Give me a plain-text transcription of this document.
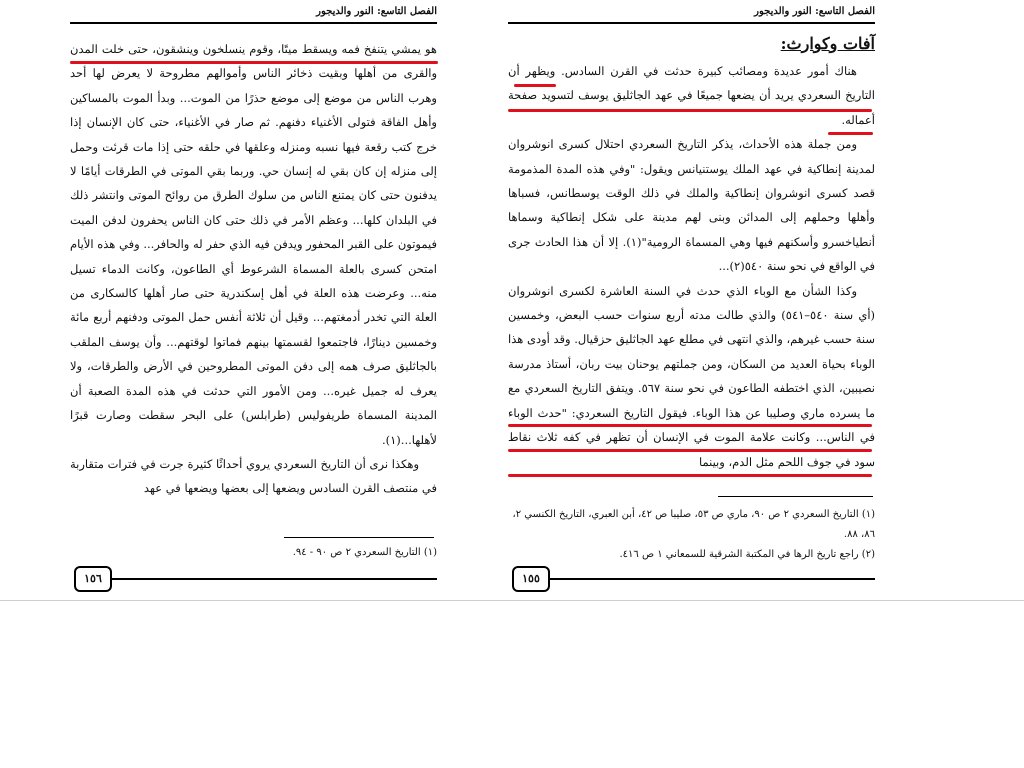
الفصل التاسع: النور والديجور

هو يمشي يتنفخ فمه ويسقط ميتًا، وقوم ينسلخون وينشقون، حتى خلت المدن والقرى من أهلها وبقيت ذخائر الناس وأموالهم مطروحة لا يعرض لها أحد وهرب الناس من موضع إلى موضع حذرًا من الموت... وبدأ الموت بالمساكين وأهل الفاقة فتولى الأغنياء دفنهم. ثم صار في الأغنياء، حتى كان الإنسان إذا خرج كتب رقعة فيها نسبه ومنزله وعلقها في حلقه حتى إذا مات قرئت وحمل إلى منزله إن كان بقي له إنسان حي. وربما بقي الموتى في الطرقات أيامًا لا يدفنون حتى كان يمتنع الناس من سلوك الطرق من روائح الموتى وانتشر ذلك في البلدان كلها... وعظم الأمر في ذلك حتى كان الناس يحفرون لدفن الميت فيموتون على القبر المحفور ويدفن فيه الذي حفر له والحافر... وفي هذه الأيام امتحن كسرى بالعلة المسماة الشرعوط أي الطاعون، وكانت الدماء تسيل منه... وعرضت هذه العلة في أهل إسكندرية حتى صار أهلها كالسكارى من العلة التي تخدر أدمغتهم... وقيل أن ثلاثة أنفس حمل الموتى ودفنهم أربع مائة وخمسين دينارًا، فاجتمعوا لقسمتها بينهم فماتوا لوقتهم... وأن يوسف الملقب بالجاثليق صرف همه إلى دفن الموتى المطروحين في الأرض والطرقات، ولا يعرف له جميل غيره... ومن الأمور التي حدثت في هذه المدة الصعبة أن المدينة المسماة طريفوليس (طرابلس) على البحر سقطت وصارت قبرًا لأهلها...(١).

وهكذا نرى أن التاريخ السعردي يروي أحداثًا كثيرة جرت في فترات متقاربة في منتصف القرن السادس ويضعها إلى بعضها ويضعها في عهد

(١) التاريخ السعردي ٢ ص ٩٠ - ٩٤.
١٥٦
الفصل التاسع: النور والديجور
آفات وكوارث:

هناك أمور عديدة ومصائب كبيرة حدثت في القرن السادس. ويظهر أن التاريخ السعردي يريد أن يضعها جميعًا في عهد الجاثليق يوسف لتسويد صفحة أعماله.

ومن جملة هذه الأحداث، يذكر التاريخ السعردي احتلال كسرى انوشروان لمدينة إنطاكية في عهد الملك يوستنيانس ويقول: "وفي هذه المدة المذمومة قصد كسرى انوشروان إنطاكية والملك في ذلك الوقت يوسطانس، فسباها وأهلها وحملهم إلى المدائن وبنى لهم مدينة على شكل إنطاكية وسماها أنطياخسرو وأسكنهم فيها وهي المسماة الرومية"(١). إلا أن هذا الحادث جرى في الواقع في نحو سنة ٥٤٠(٢)...

وكذا الشأن مع الوباء الذي حدث في السنة العاشرة لكسرى انوشروان (أي سنة ٥٤٠–٥٤١) والذي طالت مدته أربع سنوات حسب البعض، وخمسين سنة حسب غيرهم، والذي انتهى في مطلع عهد الجاثليق حزقيال. وقد أودى هذا الوباء بحياة العديد من السكان، ومن جملتهم يوحنان بيت ربان، أستاذ مدرسة نصيبين، الذي اختطفه الطاعون في نحو سنة ٥٦٧. ويتفق التاريخ السعردي مع ما يسرده ماري وصليبا عن هذا الوباء. فيقول التاريخ السعردي: "حدث الوباء في الناس... وكانت علامة الموت في الإنسان أن تظهر في كفه ثلاث نقاط سود في جوف اللحم مثل الدم، وبينما

(١) التاريخ السعردي ٢ ص ٩٠، ماري ص ٥٣، صليبا ص ٤٢، أبن العبري، التاريخ الكنسي ٢، ٨٦، ٨٨.
(٢) راجع تاريخ الرها في المكتبة الشرقية للسمعاني ١ ص ٤١٦.
١٥٥
